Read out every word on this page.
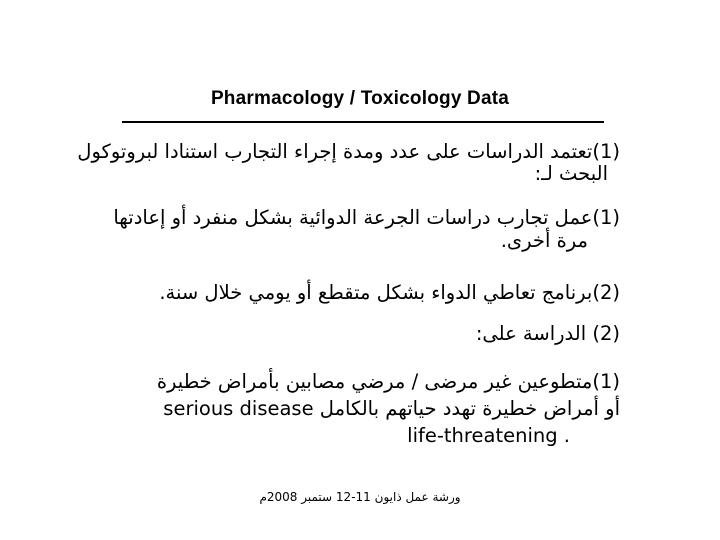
Pharmacology / Toxicology Data
(1)تعتمد الدراسات على عدد ومدة إجراء التجارب استنادا لبروتوكول
البحث لـ:
(1)عمل تجارب دراسات الجرعة الدوائية بشكل منفرد أو إعادتها
مرة أخرى.
(2)برنامج تعاطي الدواء بشكل متقطع أو يومي خلال سنة.
(2) الدراسة على:
(1)متطوعين غير مرضى / مرضي مصابين بأمراض خطيرة
serious disease أو أمراض خطيرة تهدد حياتهم بالكامل
life-threatening .
ورشة عمل ذايون 11-12 ستمبر 2008م
